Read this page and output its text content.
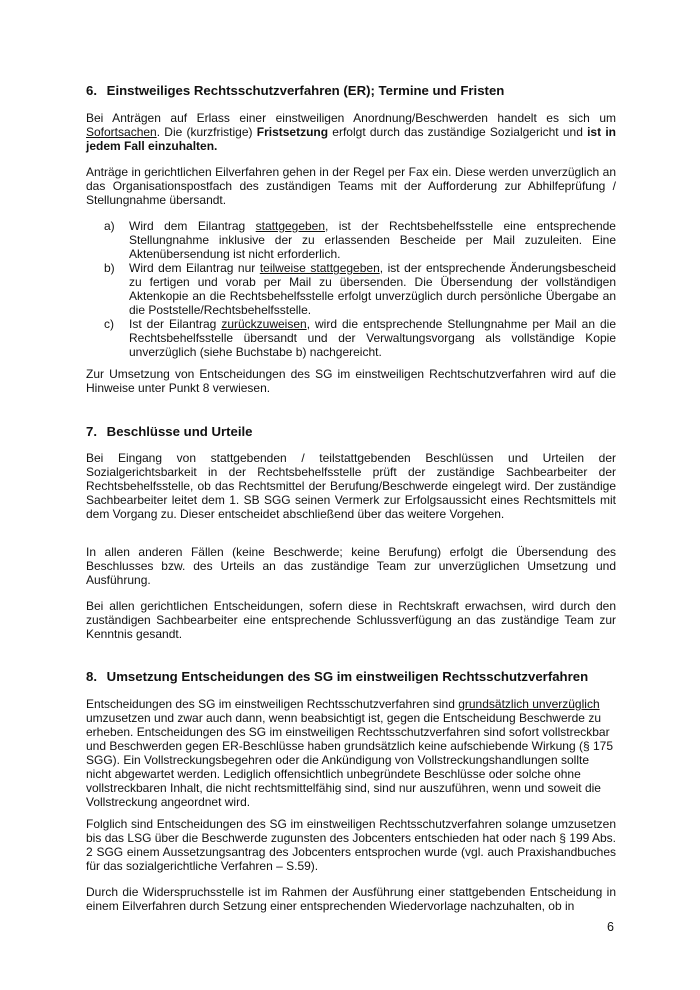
6. Einstweiliges Rechtsschutzverfahren (ER); Termine und Fristen

Bei Anträgen auf Erlass einer einstweiligen Anordnung/Beschwerden handelt es sich um Sofortsachen. Die (kurzfristige) Fristsetzung erfolgt durch das zuständige Sozialgericht und ist in jedem Fall einzuhalten.

Anträge in gerichtlichen Eilverfahren gehen in der Regel per Fax ein. Diese werden unverzüglich an das Organisationspostfach des zuständigen Teams mit der Aufforderung zur Abhilfeprüfung / Stellungnahme übersandt.

a) Wird dem Eilantrag stattgegeben, ist der Rechtsbehelfsstelle eine entsprechende Stellungnahme inklusive der zu erlassenden Bescheide per Mail zuzuleiten. Eine Aktenübersendung ist nicht erforderlich.
b) Wird dem Eilantrag nur teilweise stattgegeben, ist der entsprechende Änderungsbescheid zu fertigen und vorab per Mail zu übersenden. Die Übersendung der vollständigen Aktenkopie an die Rechtsbehelfsstelle erfolgt unverzüglich durch persönliche Übergabe an die Poststelle/Rechtsbehelfsstelle.
c) Ist der Eilantrag zurückzuweisen, wird die entsprechende Stellungnahme per Mail an die Rechtsbehelfsstelle übersandt und der Verwaltungsvorgang als vollständige Kopie unverzüglich (siehe Buchstabe b) nachgereicht.

Zur Umsetzung von Entscheidungen des SG im einstweiligen Rechtschutzverfahren wird auf die Hinweise unter Punkt 8 verwiesen.

7. Beschlüsse und Urteile

Bei Eingang von stattgebenden / teilstattgebenden Beschlüssen und Urteilen der Sozialgerichtsbarkeit in der Rechtsbehelfsstelle prüft der zuständige Sachbearbeiter der Rechtsbehelfsstelle, ob das Rechtsmittel der Berufung/Beschwerde eingelegt wird. Der zuständige Sachbearbeiter leitet dem 1. SB SGG seinen Vermerk zur Erfolgsaussicht eines Rechtsmittels mit dem Vorgang zu. Dieser entscheidet abschließend über das weitere Vorgehen.

In allen anderen Fällen (keine Beschwerde; keine Berufung) erfolgt die Übersendung des Beschlusses bzw. des Urteils an das zuständige Team zur unverzüglichen Umsetzung und Ausführung.

Bei allen gerichtlichen Entscheidungen, sofern diese in Rechtskraft erwachsen, wird durch den zuständigen Sachbearbeiter eine entsprechende Schlussverfügung an das zuständige Team zur Kenntnis gesandt.

8. Umsetzung Entscheidungen des SG im einstweiligen Rechtsschutzverfahren

Entscheidungen des SG im einstweiligen Rechtsschutzverfahren sind grundsätzlich unverzüglich umzusetzen und zwar auch dann, wenn beabsichtigt ist, gegen die Entscheidung Beschwerde zu erheben. Entscheidungen des SG im einstweiligen Rechtsschutzverfahren sind sofort vollstreckbar und Beschwerden gegen ER-Beschlüsse haben grundsätzlich keine aufschiebende Wirkung (§ 175 SGG). Ein Vollstreckungsbegehren oder die Ankündigung von Vollstreckungshandlungen sollte nicht abgewartet werden. Lediglich offensichtlich unbegründete Beschlüsse oder solche ohne vollstreckbaren Inhalt, die nicht rechtsmittelfähig sind, sind nur auszuführen, wenn und soweit die Vollstreckung angeordnet wird.

Folglich sind Entscheidungen des SG im einstweiligen Rechtsschutzverfahren solange umzusetzen bis das LSG über die Beschwerde zugunsten des Jobcenters entschieden hat oder nach § 199 Abs. 2 SGG einem Aussetzungsantrag des Jobcenters entsprochen wurde (vgl. auch Praxishandbuches für das sozialgerichtliche Verfahren – S.59).

Durch die Widerspruchsstelle ist im Rahmen der Ausführung einer stattgebenden Entscheidung in einem Eilverfahren durch Setzung einer entsprechenden Wiedervorlage nachzuhalten, ob in

6
